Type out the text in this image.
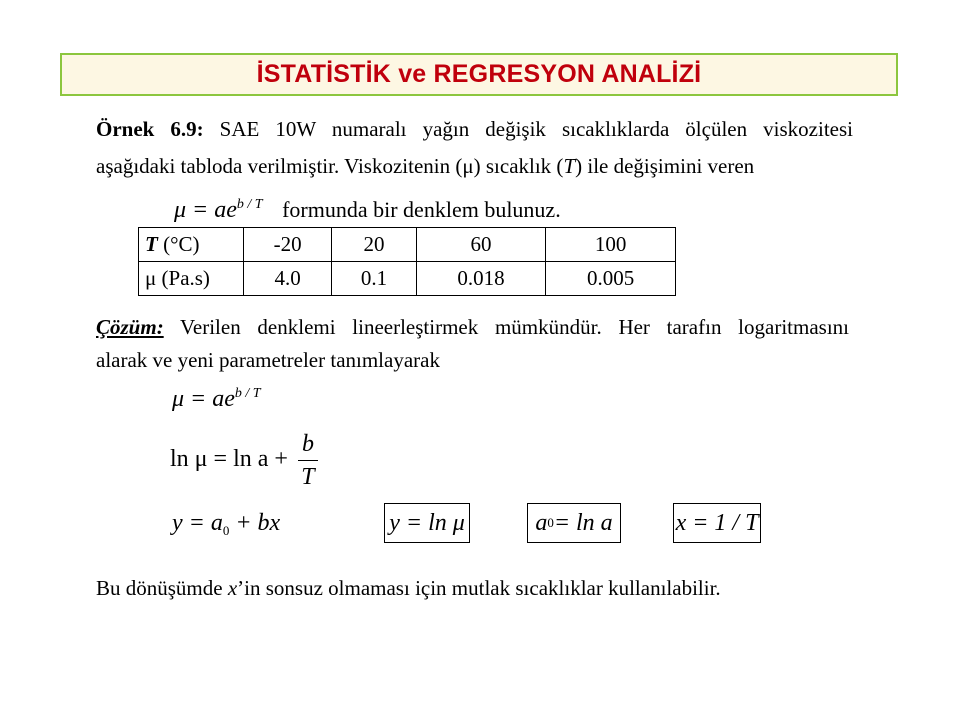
İSTATİSTİK ve REGRESYON ANALİZİ
Örnek 6.9: SAE 10W numaralı yağın değişik sıcaklıklarda ölçülen viskozitesi
aşağıdaki tabloda verilmiştir. Viskozitenin (μ) sıcaklık (T) ile değişimini veren
$\mu = ae^{b / T}$ formunda bir denklem bulunuz.
T (°C)	-20	20	60	100
μ (Pa.s)	4.0	0.1	0.018	0.005
Çözüm: Verilen denklemi lineerleştirmek mümkündür. Her tarafın logaritmasını
alarak ve yeni parametreler tanımlayarak
$\mu = ae^{b / T}$
$\ln \mu = \ln a + \frac{b}{T}$
$y = a_0$ + bx	y = ln μ	a 0 = ln a	x = 1 / T
Bu dönüşümde x’in sonsuz olmaması için mutlak sıcaklıklar kullanılabilir.
